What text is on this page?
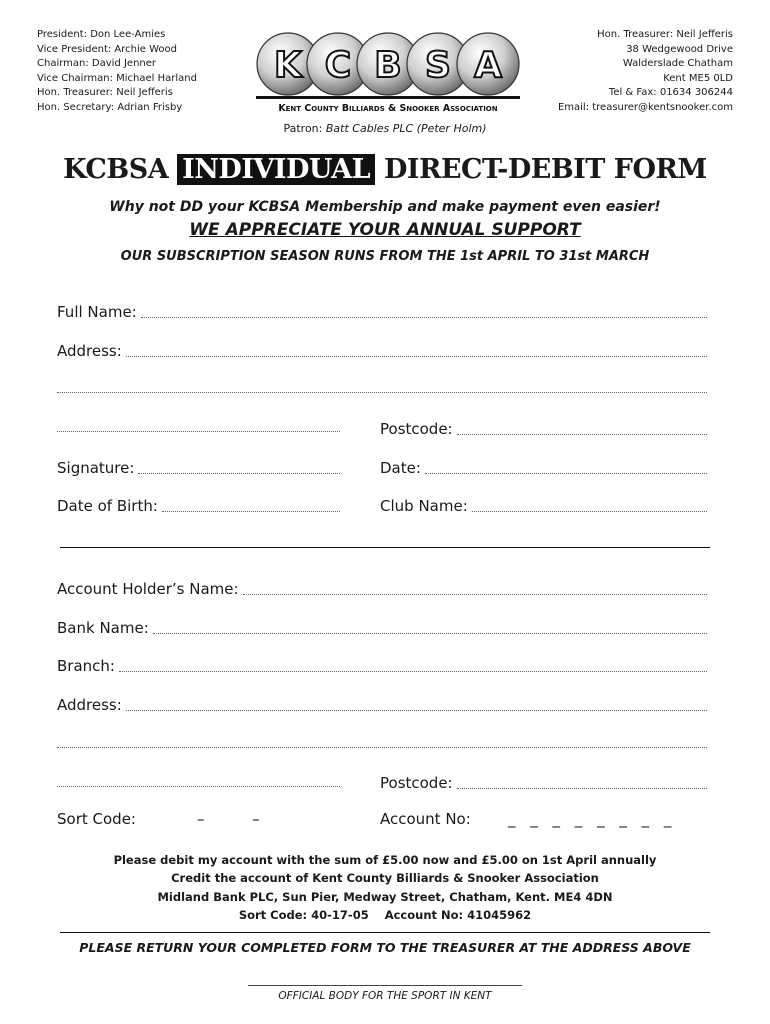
President: Don Lee-Amies
Vice President: Archie Wood
Chairman: David Jenner
Vice Chairman: Michael Harland
Hon. Treasurer: Neil Jefferis
Hon. Secretary: Adrian Frisby
Hon. Treasurer: Neil Jefferis
38 Wedgewood Drive
Walderslade Chatham
Kent ME5 0LD
Tel & Fax: 01634 306244
Email: treasurer@kentsnooker.com
K C B S A
Kent County Billiards & Snooker Association
Patron: Batt Cables PLC (Peter Holm)
KCBSA INDIVIDUAL DIRECT-DEBIT FORM
Why not DD your KCBSA Membership and make payment even easier!
WE APPRECIATE YOUR ANNUAL SUPPORT
OUR SUBSCRIPTION SEASON RUNS FROM THE 1st APRIL TO 31st MARCH
Full Name:
Address:
Postcode:
Signature:	Date:
Date of Birth:	Club Name:
Account Holder’s Name:
Bank Name:
Branch:
Address:
Postcode:
Sort Code:	–	–	Account No: _ _ _ _ _ _ _ _
Please debit my account with the sum of £5.00 now and £5.00 on 1st April annually
Credit the account of Kent County Billiards & Snooker Association
Midland Bank PLC, Sun Pier, Medway Street, Chatham, Kent. ME4 4DN
Sort Code: 40-17-05    Account No: 41045962
PLEASE RETURN YOUR COMPLETED FORM TO THE TREASURER AT THE ADDRESS ABOVE
OFFICIAL BODY FOR THE SPORT IN KENT
